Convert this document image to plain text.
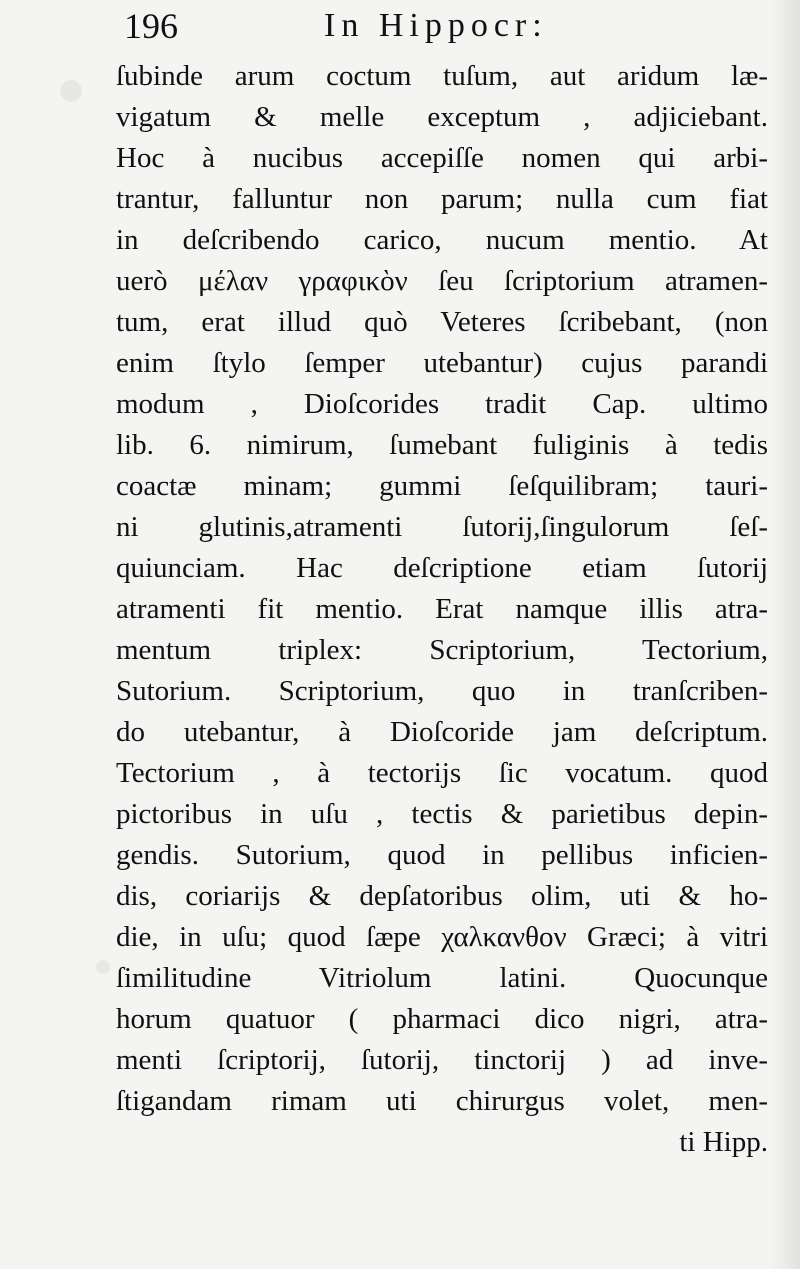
196	In Hippocr:
ſubinde arum coctum tuſum, aut aridum læ-
vigatum & melle exceptum , adjiciebant.
Hoc à nucibus accepiſſe nomen qui arbi-
trantur, falluntur non parum; nulla cum fiat
in deſcribendo carico, nucum mentio. At
uerò μέλαν γραφικὸν ſeu ſcriptorium atramen-
tum, erat illud quò Veteres ſcribebant, (non
enim ſtylo ſemper utebantur) cujus parandi
modum , Dioſcorides tradit Cap. ultimo
lib. 6. nimirum, ſumebant fuliginis à tedis
coactæ minam; gummi ſeſquilibram; tauri-
ni glutinis,atramenti ſutorij,ſingulorum ſeſ-
quiunciam. Hac deſcriptione etiam ſutorij
atramenti fit mentio. Erat namque illis atra-
mentum triplex: Scriptorium, Tectorium,
Sutorium. Scriptorium, quo in tranſcriben-
do utebantur, à Dioſcoride jam deſcriptum.
Tectorium , à tectorijs ſic vocatum. quod
pictoribus in uſu , tectis & parietibus depin-
gendis. Sutorium, quod in pellibus inficien-
dis, coriarijs & depſatoribus olim, uti & ho-
die, in uſu; quod ſæpe χαλκανθον Græci; à vitri
ſimilitudine Vitriolum latini. Quocunque
horum quatuor ( pharmaci dico nigri, atra-
menti ſcriptorij, ſutorij, tinctorij ) ad inve-
ſtigandam rimam uti chirurgus volet, men-
ti Hipp.
